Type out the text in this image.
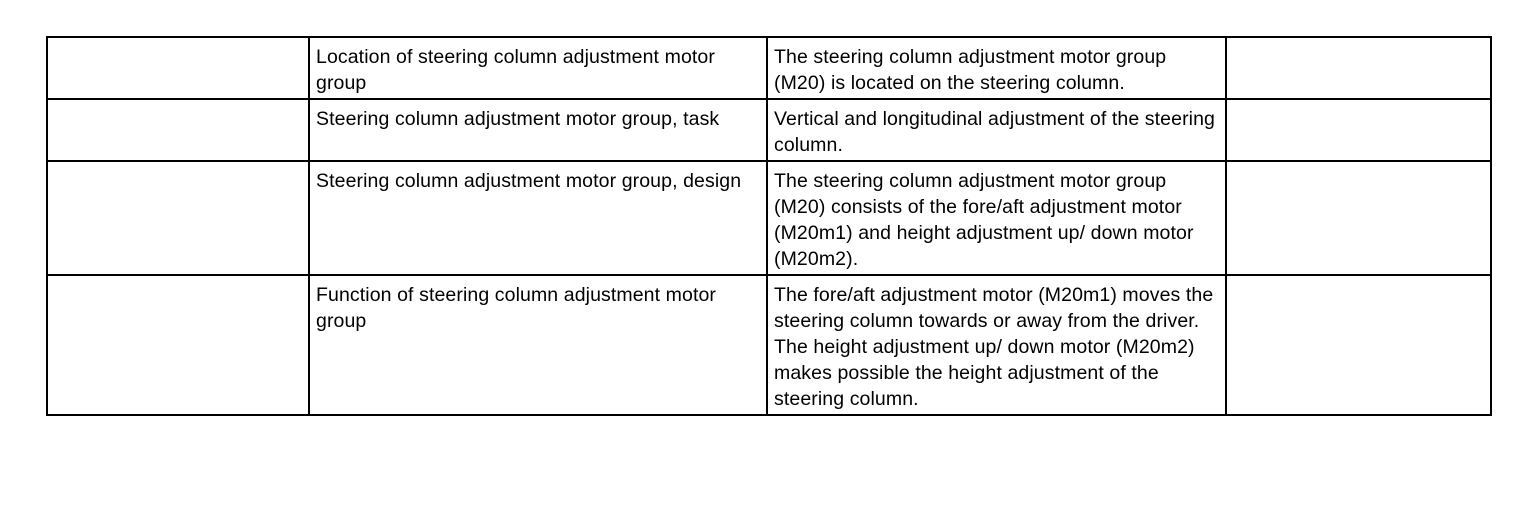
	Location of steering column adjustment motor group	The steering column adjustment motor group (M20) is located on the steering column.	
	Steering column adjustment motor group, task	Vertical and longitudinal adjustment of the steering column.	
	Steering column adjustment motor group, design	The steering column adjustment motor group (M20) consists of the fore/aft adjustment motor (M20m1) and height adjustment up/ down motor (M20m2).	
	Function of steering column adjustment motor group	The fore/aft adjustment motor (M20m1) moves the steering column towards or away from the driver. The height adjustment up/ down motor (M20m2) makes possible the height adjustment of the steering column.	
